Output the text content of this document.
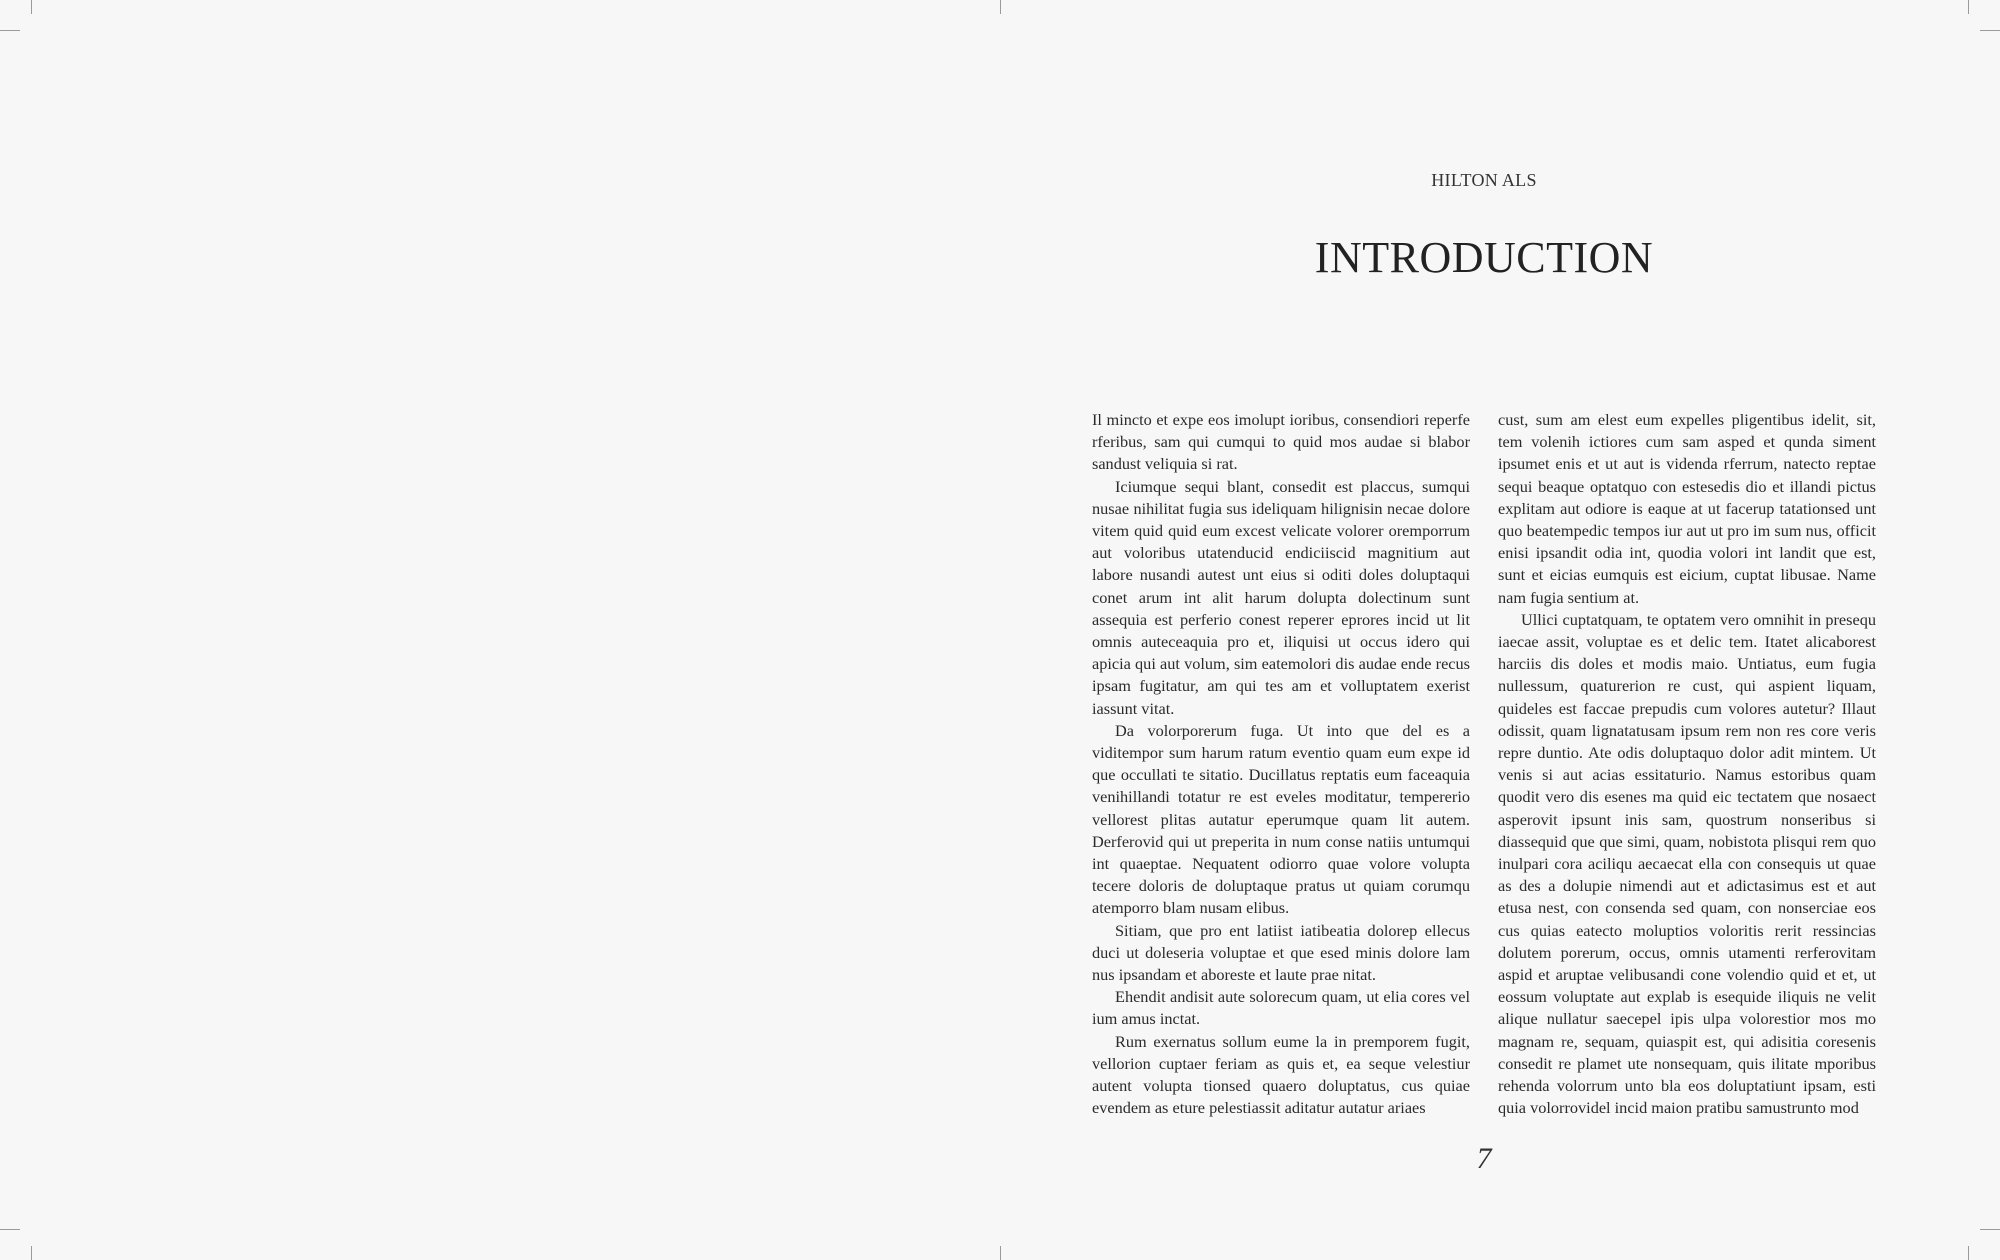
HILTON ALS
INTRODUCTION

Il mincto et expe eos imolupt ioribus, consendiori reperfe rferibus, sam qui cumqui to quid mos audae si blabor sandust veliquia si rat.

Iciumque sequi blant, consedit est placcus, sumqui nusae nihilitat fugia sus ideliquam hilignisin necae dolore vitem quid quid eum excest velicate volorer oremporrum aut voloribus utatenducid endiciiscid magnitium aut labore nusandi autest unt eius si oditi doles doluptaqui conet arum int alit harum dolupta dolectinum sunt assequia est perferio conest reperer eprores incid ut lit omnis auteceaquia pro et, iliquisi ut occus idero qui apicia qui aut volum, sim eatemolori dis audae ende recus ipsam fugitatur, am qui tes am et volluptatem exerist iassunt vitat.

Da volorporerum fuga. Ut into que del es a viditempor sum harum ratum eventio quam eum expe id que occullati te sitatio. Ducillatus reptatis eum faceaquia venihillandi totatur re est eveles moditatur, tempererio vellorest plitas autatur eperumque quam lit autem. Derferovid qui ut preperita in num conse natiis untumqui int quaeptae. Nequatent odiorro quae volore volupta tecere doloris de doluptaque pratus ut quiam corumqu atemporro blam nusam elibus.

Sitiam, que pro ent latiist iatibeatia dolorep ellecus duci ut doleseria voluptae et que esed minis dolore lam nus ipsandam et aboreste et laute prae nitat.

Ehendit andisit aute solorecum quam, ut elia cores vel ium amus inctat.

Rum exernatus sollum eume la in premporem fugit, vellorion cuptaer feriam as quis et, ea seque velestiur autent volupta tionsed quaero doluptatus, cus quiae evendem as eture pelestiassit aditatur autatur ariaes

cust, sum am elest eum expelles pligentibus idelit, sit, tem volenih ictiores cum sam asped et qunda siment ipsumet enis et ut aut is videnda rferrum, natecto reptae sequi beaque optatquo con estesedis dio et illandi pictus explitam aut odiore is eaque at ut facerup tatationsed unt quo beatempedic tempos iur aut ut pro im sum nus, officit enisi ipsandit odia int, quodia volori int landit que est, sunt et eicias eumquis est eicium, cuptat libusae. Name nam fugia sentium at.

Ullici cuptatquam, te optatem vero omnihit in presequ iaecae assit, voluptae es et delic tem. Itatet alicaborest harciis dis doles et modis maio. Untiatus, eum fugia nullessum, quaturerion re cust, qui aspient liquam, quideles est faccae prepudis cum volores autetur? Illaut odissit, quam lignatatusam ipsum rem non res core veris repre duntio. Ate odis doluptaquo dolor adit mintem. Ut venis si aut acias essitaturio. Namus estoribus quam quodit vero dis esenes ma quid eic tectatem que nosaect asperovit ipsunt inis sam, quostrum nonseribus si diassequid que que simi, quam, nobistota plisqui rem quo inulpari cora aciliqu aecaecat ella con consequis ut quae as des a dolupie nimendi aut et adictasimus est et aut etusa nest, con consenda sed quam, con nonserciae eos cus quias eatecto moluptios voloritis rerit ressincias dolutem porerum, occus, omnis utamenti rerferovitam aspid et aruptae velibusandi cone volendio quid et et, ut eossum voluptate aut explab is esequide iliquis ne velit alique nullatur saecepel ipis ulpa volorestior mos mo magnam re, sequam, quiaspit est, qui adisitia coresenis consedit re plamet ute nonsequam, quis ilitate mporibus rehenda volorrum unto bla eos doluptatiunt ipsam, esti quia volorrovidel incid maion pratibu samustrunto mod

7
